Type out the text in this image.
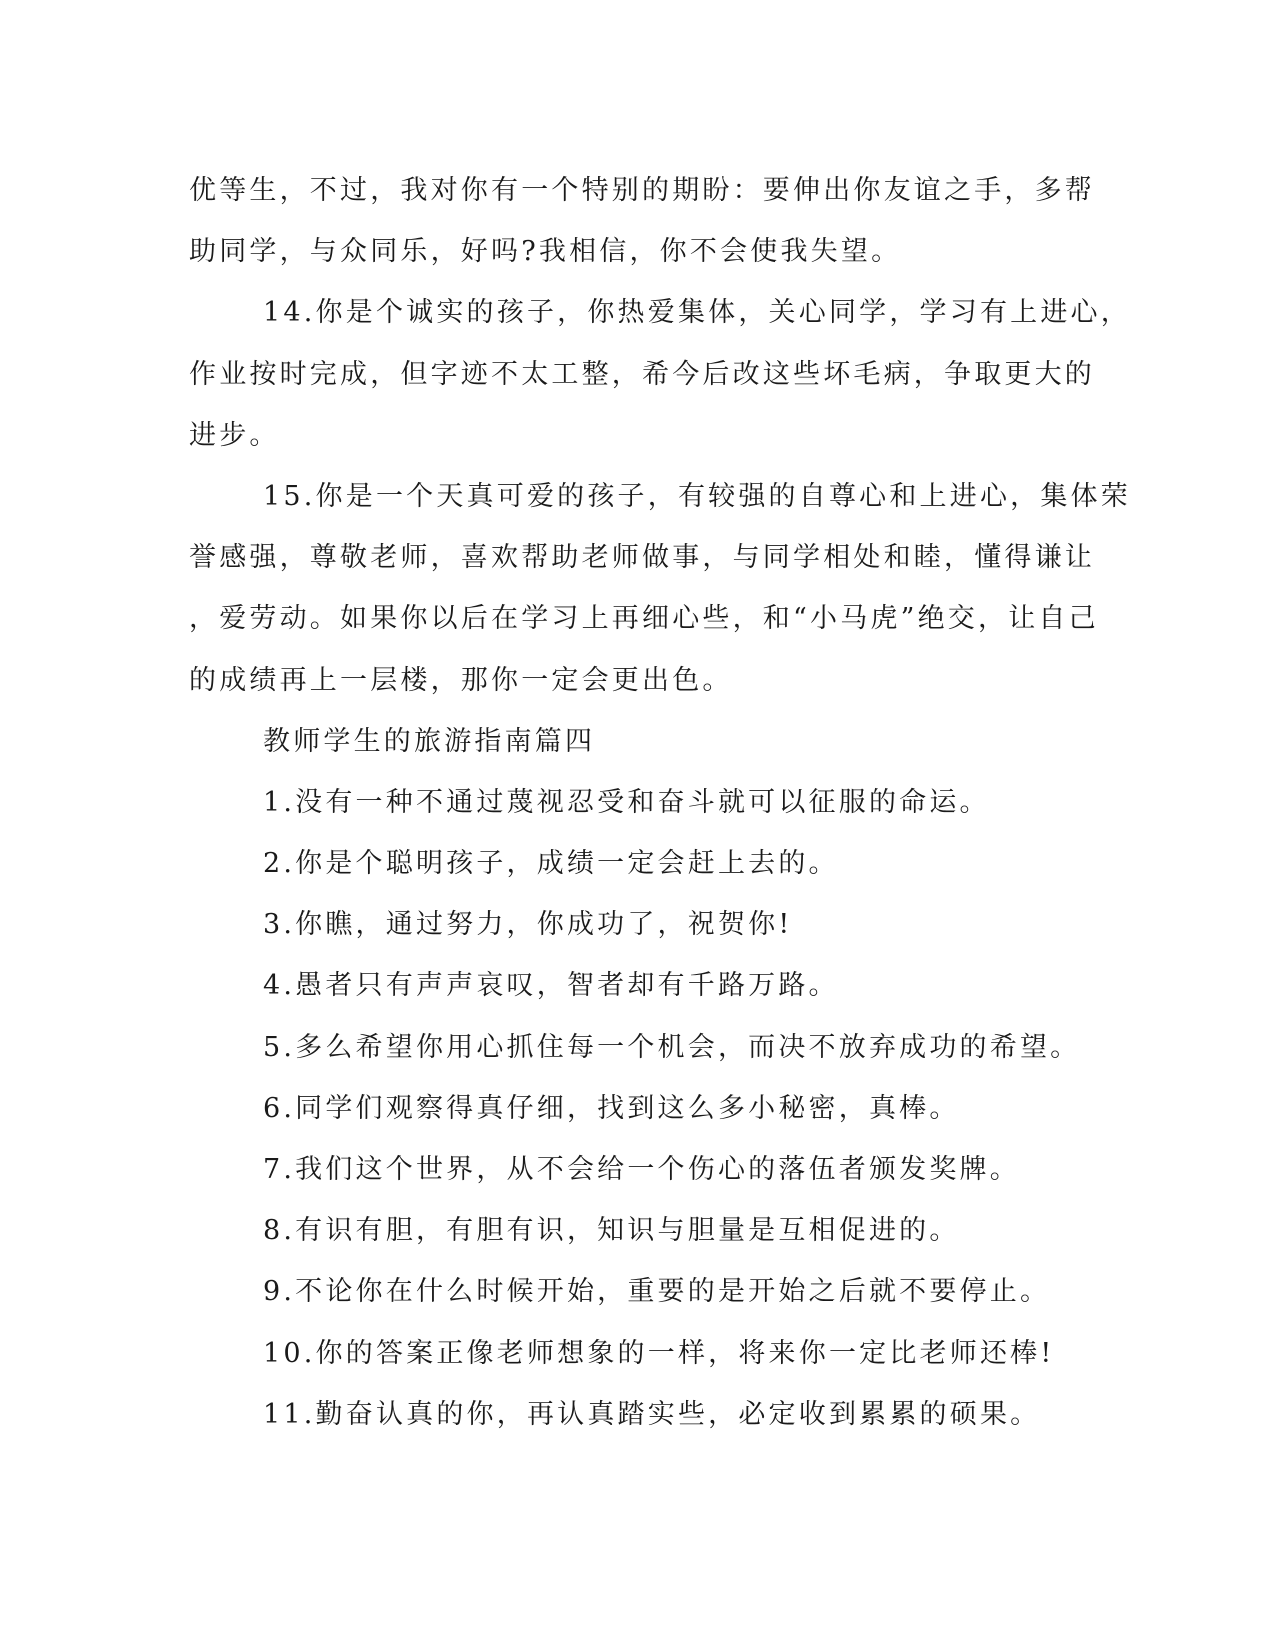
优等生，不过，我对你有一个特别的期盼：要伸出你友谊之手，多帮
助同学，与众同乐，好吗?我相信，你不会使我失望。
14.你是个诚实的孩子，你热爱集体，关心同学，学习有上进心，
作业按时完成，但字迹不太工整，希今后改这些坏毛病，争取更大的
进步。
15.你是一个天真可爱的孩子，有较强的自尊心和上进心，集体荣
誉感强，尊敬老师，喜欢帮助老师做事，与同学相处和睦，懂得谦让
，爱劳动。如果你以后在学习上再细心些，和“小马虎”绝交，让自己
的成绩再上一层楼，那你一定会更出色。
教师学生的旅游指南篇四
1.没有一种不通过蔑视忍受和奋斗就可以征服的命运。
2.你是个聪明孩子，成绩一定会赶上去的。
3.你瞧，通过努力，你成功了，祝贺你!
4.愚者只有声声哀叹，智者却有千路万路。
5.多么希望你用心抓住每一个机会，而决不放弃成功的希望。
6.同学们观察得真仔细，找到这么多小秘密，真棒。
7.我们这个世界，从不会给一个伤心的落伍者颁发奖牌。
8.有识有胆，有胆有识，知识与胆量是互相促进的。
9.不论你在什么时候开始，重要的是开始之后就不要停止。
10.你的答案正像老师想象的一样，将来你一定比老师还棒!
11.勤奋认真的你，再认真踏实些，必定收到累累的硕果。
